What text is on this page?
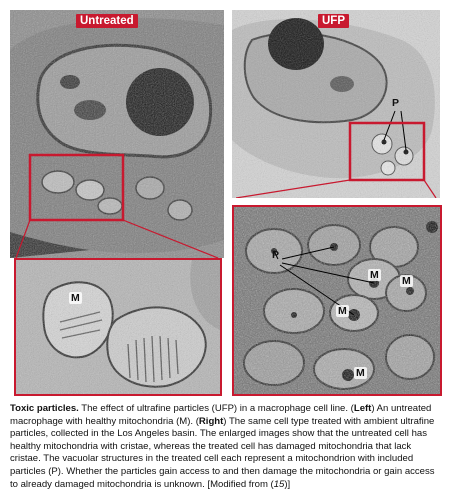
Untreated
M
UFP
P
P
M M
M
M

Toxic particles. The effect of ultrafine particles (UFP) in a macrophage cell line. (Left) An untreated macrophage with healthy mitochondria (M). (Right) The same cell type treated with ambient ultrafine particles, collected in the Los Angeles basin. The enlarged images show that the untreated cell has healthy mitochondria with cristae, whereas the treated cell has damaged mitochondria that lack cristae. The vacuolar structures in the treated cell each represent a mitochondrion with included particles (P). Whether the particles gain access to and then damage the mitochondria or gain access to already damaged mitochondria is unknown. [Modified from (15)]
